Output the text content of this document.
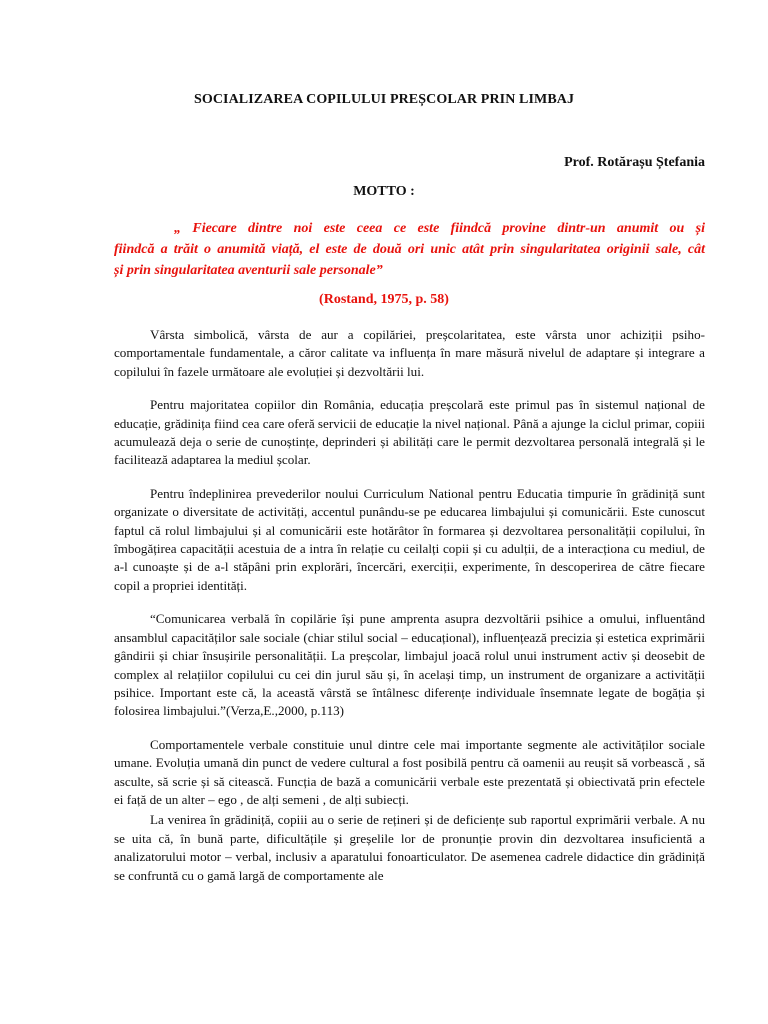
SOCIALIZAREA COPILULUI PREȘCOLAR PRIN LIMBAJ
Prof. Rotărașu Ștefania
MOTTO :
„ Fiecare dintre noi este ceea ce este fiindcă provine dintr-un anumit ou și
fiindcă a trăit o anumită viață, el este de două ori unic atât prin singularitatea originii sale, cât
și prin singularitatea aventurii sale personale”
(Rostand, 1975, p. 58)

Vârsta simbolică, vârsta de aur a copilăriei, preșcolaritatea, este vârsta unor achiziții psiho-comportamentale fundamentale, a căror calitate va influența în mare măsură nivelul de adaptare și integrare a copilului în fazele următoare ale evoluției și dezvoltării lui.

Pentru majoritatea copiilor din România, educația preșcolară este primul pas în sistemul național de educație, grădinița fiind cea care oferă servicii de educație la nivel național. Până a ajunge la ciclul primar, copiii acumulează deja o serie de cunoștințe, deprinderi și abilități care le permit dezvoltarea personală integrală și le facilitează adaptarea la mediul școlar.

Pentru îndeplinirea prevederilor noului Curriculum National pentru Educatia timpurie în grădiniță sunt organizate o diversitate de activități, accentul punându-se pe educarea limbajului și comunicării. Este cunoscut faptul că rolul limbajului și al comunicării este hotărâtor în formarea și dezvoltarea personalității copilului, în îmbogățirea capacității acestuia de a intra în relație cu ceilalți copii și cu adulții, de a interacționa cu mediul, de a-l cunoaște și de a-l stăpâni prin explorări, încercări, exerciții, experimente, în descoperirea de către fiecare copil a propriei identități.

“Comunicarea verbală în copilărie își pune amprenta asupra dezvoltării psihice a omului, influentând ansamblul capacităților sale sociale (chiar stilul social – educațional), influențează precizia și estetica exprimării gândirii și chiar însușirile personalității. La preșcolar, limbajul joacă rolul unui instrument activ și deosebit de complex al relațiilor copilului cu cei din jurul său și, în același timp, un instrument de organizare a activității psihice. Important este că, la această vârstă se întâlnesc diferențe individuale însemnate legate de bogăția și folosirea limbajului.”(Verza,E.,2000, p.113)

Comportamentele verbale constituie unul dintre cele mai importante segmente ale activităților sociale umane. Evoluția umană din punct de vedere cultural a fost posibilă pentru că oamenii au reușit să vorbească , să asculte, să scrie și să citească. Funcția de bază a comunicării verbale este prezentată și obiectivată prin efectele ei față de un alter – ego , de alți semeni , de alți subiecți.

La venirea în grădiniță, copiii au o serie de rețineri și de deficiențe sub raportul exprimării verbale. A nu se uita că, în bună parte, dificultățile și greșelile lor de pronunție provin din dezvoltarea insuficientă a analizatorului motor – verbal, inclusiv a aparatului fonoarticulator. De asemenea cadrele didactice din grădiniță se confruntă cu o gamă largă de comportamente ale
